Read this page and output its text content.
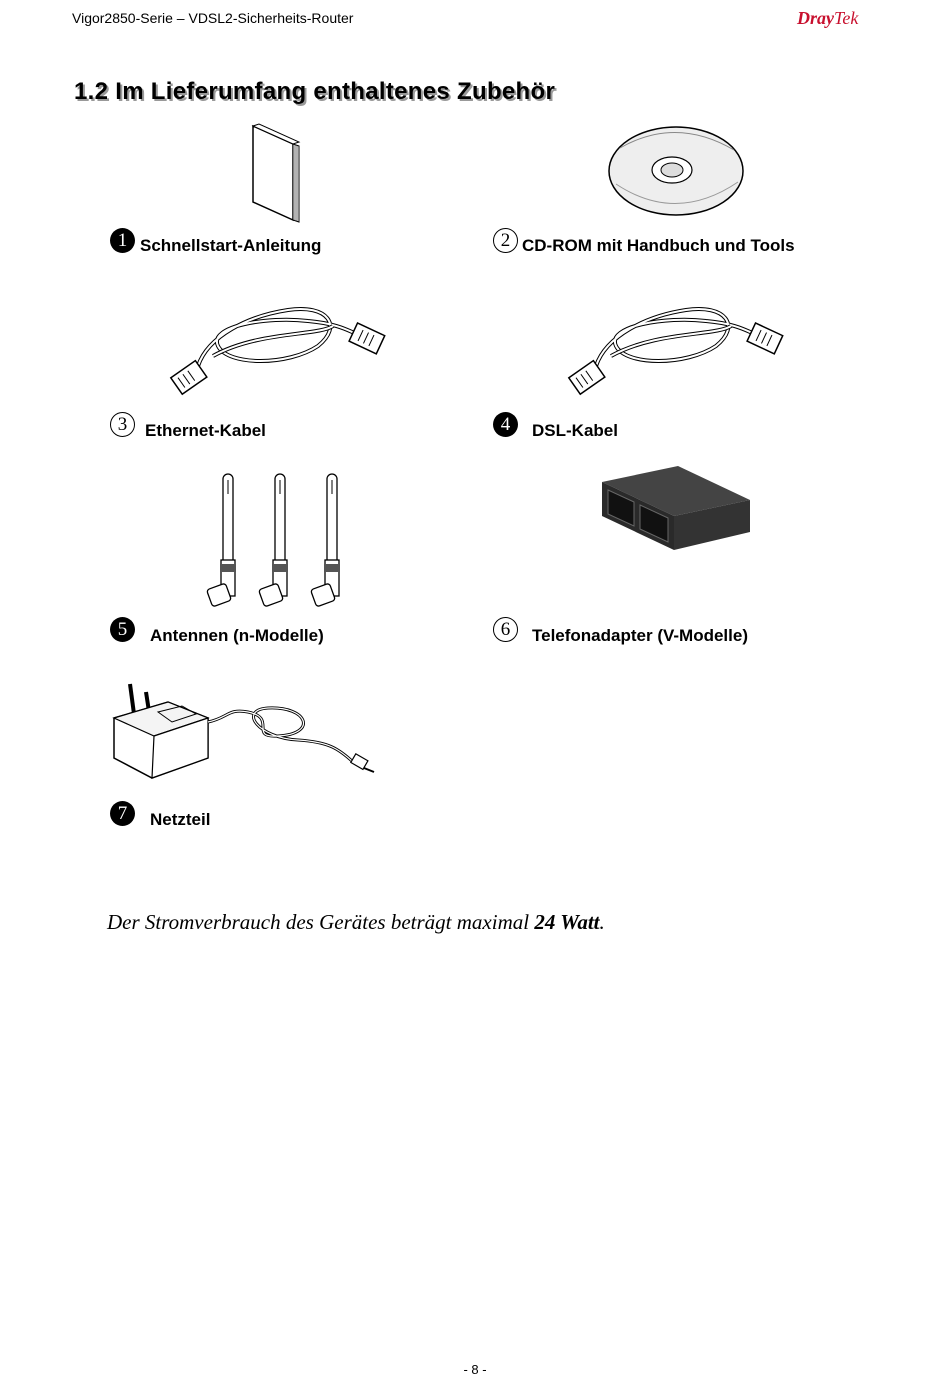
Vigor2850-Serie – VDSL2-Sicherheits-Router	DrayTek
1.2 Im Lieferumfang enthaltenes Zubehör
1 Schnellstart-Anleitung	2 CD-ROM mit Handbuch und Tools
3	Ethernet-Kabel	4	DSL-Kabel
5	Antennen (n-Modelle)	6	Telefonadapter (V-Modelle)
7	Netzteil
Der Stromverbrauch des Gerätes beträgt maximal 24 Watt.
- 8 -
